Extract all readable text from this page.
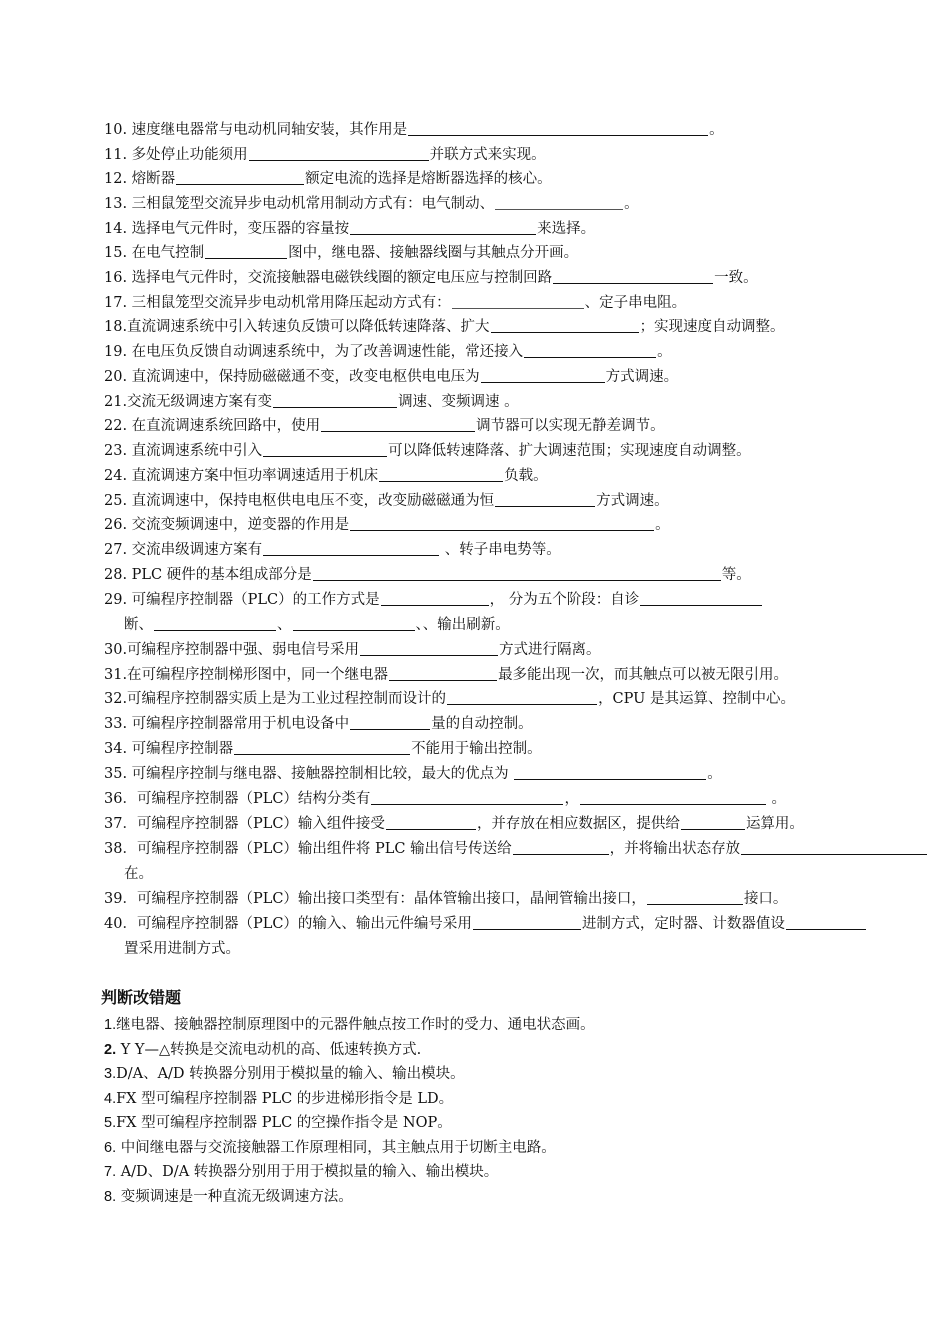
10. 速度继电器常与电动机同轴安装，其作用是	。
11. 多处停止功能须用	并联方式来实现。
12. 熔断器	额定电流的选择是熔断器选择的核心。
13. 三相鼠笼型交流异步电动机常用制动方式有：电气制动、	。
14. 选择电气元件时，变压器的容量按	来选择。
15. 在电气控制	图中，继电器、接触器线圈与其触点分开画。
16. 选择电气元件时，交流接触器电磁铁线圈的额定电压应与控制回路	一致。
17. 三相鼠笼型交流异步电动机常用降压起动方式有：	、定子串电阻。
18.直流调速系统中引入转速负反馈可以降低转速降落、扩大	；实现速度自动调整。
19. 在电压负反馈自动调速系统中，为了改善调速性能，常还接入	。
20. 直流调速中，保持励磁磁通不变，改变电枢供电电压为	方式调速。
21.交流无级调速方案有变	调速、变频调速 。
22. 在直流调速系统回路中，使用	调节器可以实现无静差调节。
23. 直流调速系统中引入	可以降低转速降落、扩大调速范围；实现速度自动调整。
24. 直流调速方案中恒功率调速适用于机床	负载。
25. 直流调速中，保持电枢供电电压不变，改变励磁磁通为恒	方式调速。
26. 交流变频调速中，逆变器的作用是	。
27. 交流串级调速方案有	、转子串电势等。
28. PLC 硬件的基本组成部分是	等。
29. 可编程序控制器（PLC）的工作方式是	， 分为五个阶段：自诊
断、	、	、、输出刷新。
30.可编程序控制器中强、弱电信号采用	方式进行隔离。
31.在可编程序控制梯形图中，同一个继电器	最多能出现一次，而其触点可以被无限引用。
32.可编程序控制器实质上是为工业过程控制而设计的	，CPU 是其运算、控制中心。
33. 可编程序控制器常用于机电设备中	量的自动控制。
34. 可编程序控制器	不能用于输出控制。
35. 可编程序控制与继电器、接触器控制相比较，最大的优点为	。
36．可编程序控制器（PLC）结构分类有	，	。
37．可编程序控制器（PLC）输入组件接受	，并存放在相应数据区，提供给	运算用。
38．可编程序控制器（PLC）输出组件将 PLC 输出信号传送给	，并将输出状态存放
在。
39．可编程序控制器（PLC）输出接口类型有：晶体管输出接口，晶闸管输出接口，	接口。
40．可编程序控制器（PLC）的输入、输出元件编号采用	进制方式，定时器、计数器值设
置采用进制方式。
判断改错题
1.继电器、接触器控制原理图中的元器件触点按工作时的受力、通电状态画。
2. Y Y—△转换是交流电动机的高、低速转换方式.
3.D/A、A/D 转换器分别用于模拟量的输入、输出模块。
4.FX 型可编程序控制器 PLC 的步进梯形指令是 LD。
5.FX 型可编程序控制器 PLC 的空操作指令是 NOP。
6. 中间继电器与交流接触器工作原理相同，其主触点用于切断主电路。
7. A/D、D/A 转换器分别用于用于模拟量的输入、输出模块。
8. 变频调速是一种直流无级调速方法。
